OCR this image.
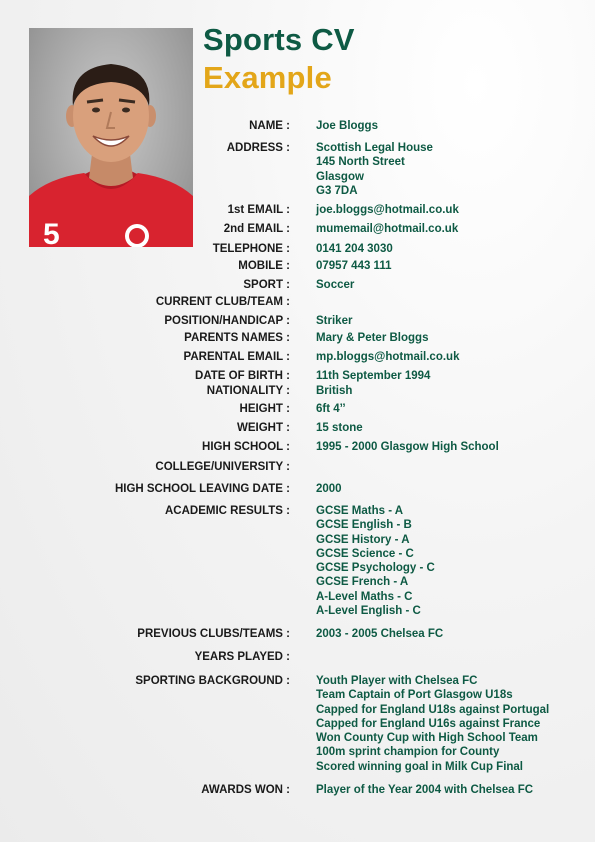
5
Sports CV
Example
NAME : Joe Bloggs
ADDRESS : Scottish Legal House
145 North Street
Glasgow
G3 7DA
1st EMAIL : joe.bloggs@hotmail.co.uk
2nd EMAIL : mumemail@hotmail.co.uk
TELEPHONE : 0141 204 3030
MOBILE : 07957 443 111
SPORT : Soccer
CURRENT CLUB/TEAM :
POSITION/HANDICAP : Striker
PARENTS NAMES : Mary & Peter Bloggs
PARENTAL EMAIL : mp.bloggs@hotmail.co.uk
DATE OF BIRTH : 11th September 1994
NATIONALITY : British
HEIGHT : 6ft 4’’
WEIGHT : 15 stone
HIGH SCHOOL : 1995 - 2000 Glasgow High School
COLLEGE/UNIVERSITY :
HIGH SCHOOL LEAVING DATE : 2000
ACADEMIC RESULTS : GCSE Maths - A
GCSE English - B
GCSE History - A
GCSE Science - C
GCSE Psychology - C
GCSE French - A
A-Level Maths - C
A-Level English - C
PREVIOUS CLUBS/TEAMS : 2003 - 2005 Chelsea FC
YEARS PLAYED :
SPORTING BACKGROUND : Youth Player with Chelsea FC
Team Captain of Port Glasgow U18s
Capped for England U18s against Portugal
Capped for England U16s against France
Won County Cup with High School Team
100m sprint champion for County
Scored winning goal in Milk Cup Final
AWARDS WON : Player of the Year 2004 with Chelsea FC
